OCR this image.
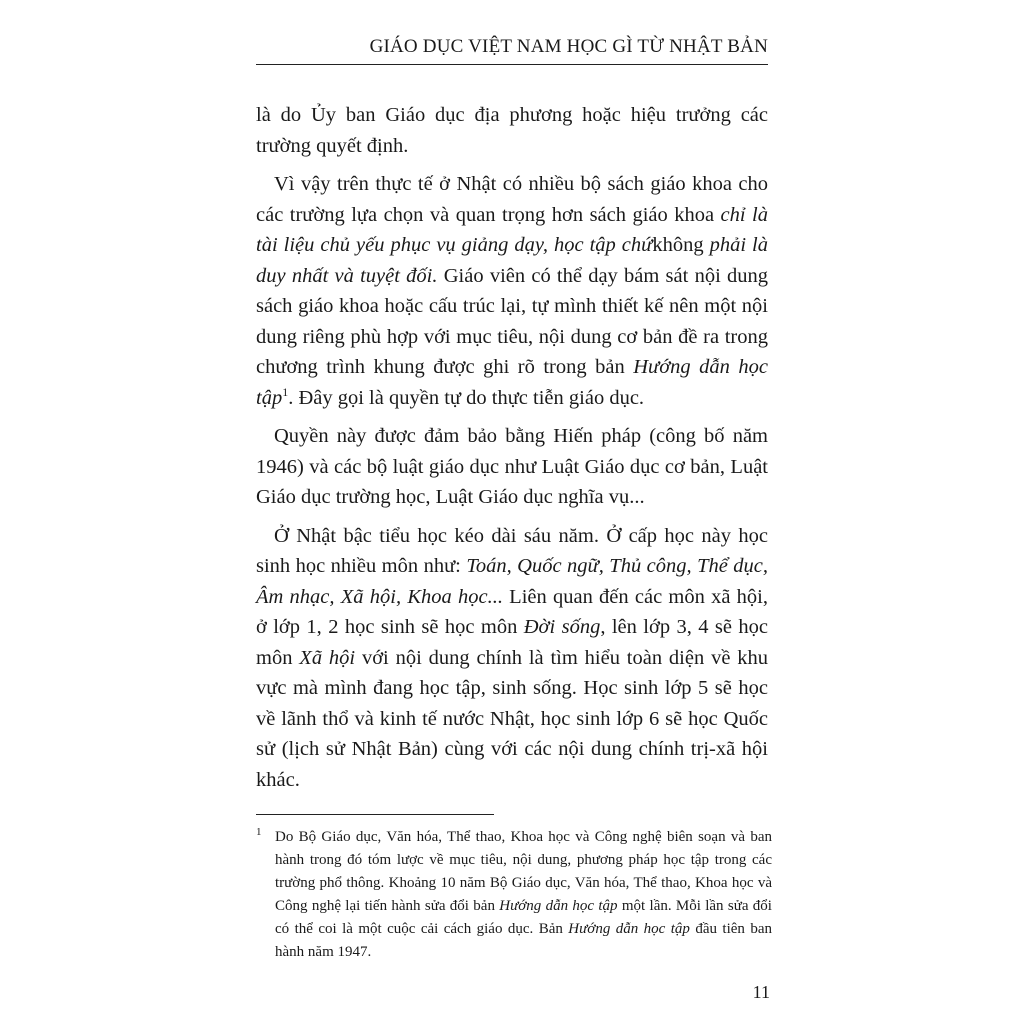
GIÁO DỤC VIỆT NAM HỌC GÌ TỪ NHẬT BẢN

là do Ủy ban Giáo dục địa phương hoặc hiệu trưởng các trường quyết định.

Vì vậy trên thực tế ở Nhật có nhiều bộ sách giáo khoa cho các trường lựa chọn và quan trọng hơn sách giáo khoa chỉ là tài liệu chủ yếu phục vụ giảng dạy, học tập chứkhông phải là duy nhất và tuyệt đối. Giáo viên có thể dạy bám sát nội dung sách giáo khoa hoặc cấu trúc lại, tự mình thiết kế nên một nội dung riêng phù hợp với mục tiêu, nội dung cơ bản đề ra trong chương trình khung được ghi rõ trong bản Hướng dẫn học tập$^1$. Đây gọi là quyền tự do thực tiễn giáo dục.

Quyền này được đảm bảo bằng Hiến pháp (công bố năm 1946) và các bộ luật giáo dục như Luật Giáo dục cơ bản, Luật Giáo dục trường học, Luật Giáo dục nghĩa vụ...

Ở Nhật bậc tiểu học kéo dài sáu năm. Ở cấp học này học sinh học nhiều môn như: Toán, Quốc ngữ, Thủ công, Thể dục, Âm nhạc, Xã hội, Khoa học... Liên quan đến các môn xã hội, ở lớp 1, 2 học sinh sẽ học môn Đời sống, lên lớp 3, 4 sẽ học môn Xã hội với nội dung chính là tìm hiểu toàn diện về khu vực mà mình đang học tập, sinh sống. Học sinh lớp 5 sẽ học về lãnh thổ và kinh tế nước Nhật, học sinh lớp 6 sẽ học Quốc sử (lịch sử Nhật Bản) cùng với các nội dung chính trị-xã hội khác.

1 Do Bộ Giáo dục, Văn hóa, Thể thao, Khoa học và Công nghệ biên soạn và ban hành trong đó tóm lược về mục tiêu, nội dung, phương pháp học tập trong các trường phổ thông. Khoảng 10 năm Bộ Giáo dục, Văn hóa, Thể thao, Khoa học và Công nghệ lại tiến hành sửa đổi bản Hướng dẫn học tập một lần. Mỗi lần sửa đổi có thể coi là một cuộc cải cách giáo dục. Bản Hướng dẫn học tập đầu tiên ban hành năm 1947.
11
